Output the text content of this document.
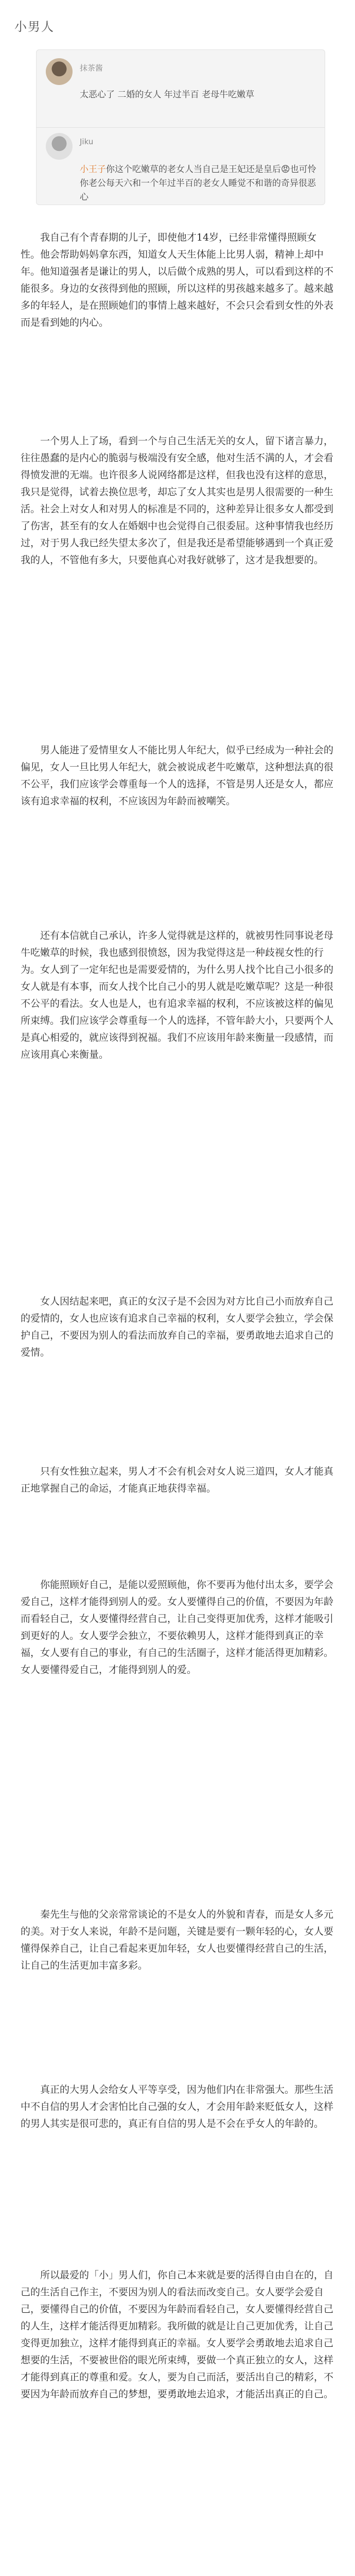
小男人
抹茶酱
太恶心了 二婚的女人 年过半百 老母牛吃嫩草
Jiku
小王子你这个吃嫩草的老女人当自己是王妃还是皇后😡也可怜你老公每天六和一个年过半百的老女人睡觉不和谐的奇异很恶心

我自己有个青春期的儿子，即使他才14岁，已经非常懂得照顾女性。他会帮助妈妈拿东西，知道女人天生体能上比男人弱，精神上却中年。他知道强者是谦让的男人，以后做个成熟的男人，可以看到这样的不能很多。身边的女孩得到他的照顾，所以这样的男孩越来越多了。越来越多的年轻人，是在照顾她们的事情上越来越好，不会只会看到女性的外表而是看到她的内心。

一个男人上了场，看到一个与自己生活无关的女人，留下诸言暴力，往往愚蠢的是内心的脆弱与极端没有安全感，他对生活不满的人，才会看得愤发泄的无端。也许很多人说网络都是这样，但我也没有这样的意思，我只是觉得，试着去换位思考，却忘了女人其实也是男人很需要的一种生活。社会上对女人和对男人的标准是不同的，这种差异让很多女人都受到了伤害，甚至有的女人在婚姻中也会觉得自己很委屈。这种事情我也经历过，对于男人我已经失望太多次了，但是我还是希望能够遇到一个真正爱我的人，不管他有多大，只要他真心对我好就够了，这才是我想要的。

男人能进了爱情里女人不能比男人年纪大，似乎已经成为一种社会的偏见，女人一旦比男人年纪大，就会被说成老牛吃嫩草，这种想法真的很不公平，我们应该学会尊重每一个人的选择，不管是男人还是女人，都应该有追求幸福的权利，不应该因为年龄而被嘲笑。

还有本信就自己承认，许多人觉得就是这样的，就被男性同事说老母牛吃嫩草的时候，我也感到很愤怒，因为我觉得这是一种歧视女性的行为。女人到了一定年纪也是需要爱情的，为什么男人找个比自己小很多的女人就是有本事，而女人找个比自己小的男人就是吃嫩草呢？这是一种很不公平的看法。女人也是人，也有追求幸福的权利，不应该被这样的偏见所束缚。我们应该学会尊重每一个人的选择，不管年龄大小，只要两个人是真心相爱的，就应该得到祝福。我们不应该用年龄来衡量一段感情，而应该用真心来衡量。

女人因结起来吧，真正的女汉子是不会因为对方比自己小而放弃自己的爱情的，女人也应该有追求自己幸福的权利，女人要学会独立，学会保护自己，不要因为别人的看法而放弃自己的幸福，要勇敢地去追求自己的爱情。

只有女性独立起来，男人才不会有机会对女人说三道四，女人才能真正地掌握自己的命运，才能真正地获得幸福。

你能照顾好自己，是能以爱照顾他，你不要再为他付出太多，要学会爱自己，这样才能得到别人的爱。女人要懂得自己的价值，不要因为年龄而看轻自己，女人要懂得经营自己，让自己变得更加优秀，这样才能吸引到更好的人。女人要学会独立，不要依赖男人，这样才能得到真正的幸福，女人要有自己的事业，有自己的生活圈子，这样才能活得更加精彩。女人要懂得爱自己，才能得到别人的爱。

秦先生与他的父亲常常谈论的不是女人的外貌和青春，而是女人多元的美。对于女人来说，年龄不是问题，关键是要有一颗年轻的心，女人要懂得保养自己，让自己看起来更加年轻，女人也要懂得经营自己的生活，让自己的生活更加丰富多彩。

真正的大男人会给女人平等享受，因为他们内在非常强大。那些生活中不自信的男人才会害怕比自己强的女人，才会用年龄来贬低女人，这样的男人其实是很可悲的，真正有自信的男人是不会在乎女人的年龄的。

所以最爱的「小」男人们，你自己本来就是要的活得自由自在的，自己的生活自己作主，不要因为别人的看法而改变自己。女人要学会爱自己，要懂得自己的价值，不要因为年龄而看轻自己，女人要懂得经营自己的人生，这样才能活得更加精彩。我所做的就是让自己更加优秀，让自己变得更加独立，这样才能得到真正的幸福。女人要学会勇敢地去追求自己想要的生活，不要被世俗的眼光所束缚，要做一个真正独立的女人，这样才能得到真正的尊重和爱。女人，要为自己而活，要活出自己的精彩，不要因为年龄而放弃自己的梦想，要勇敢地去追求，才能活出真正的自己。
